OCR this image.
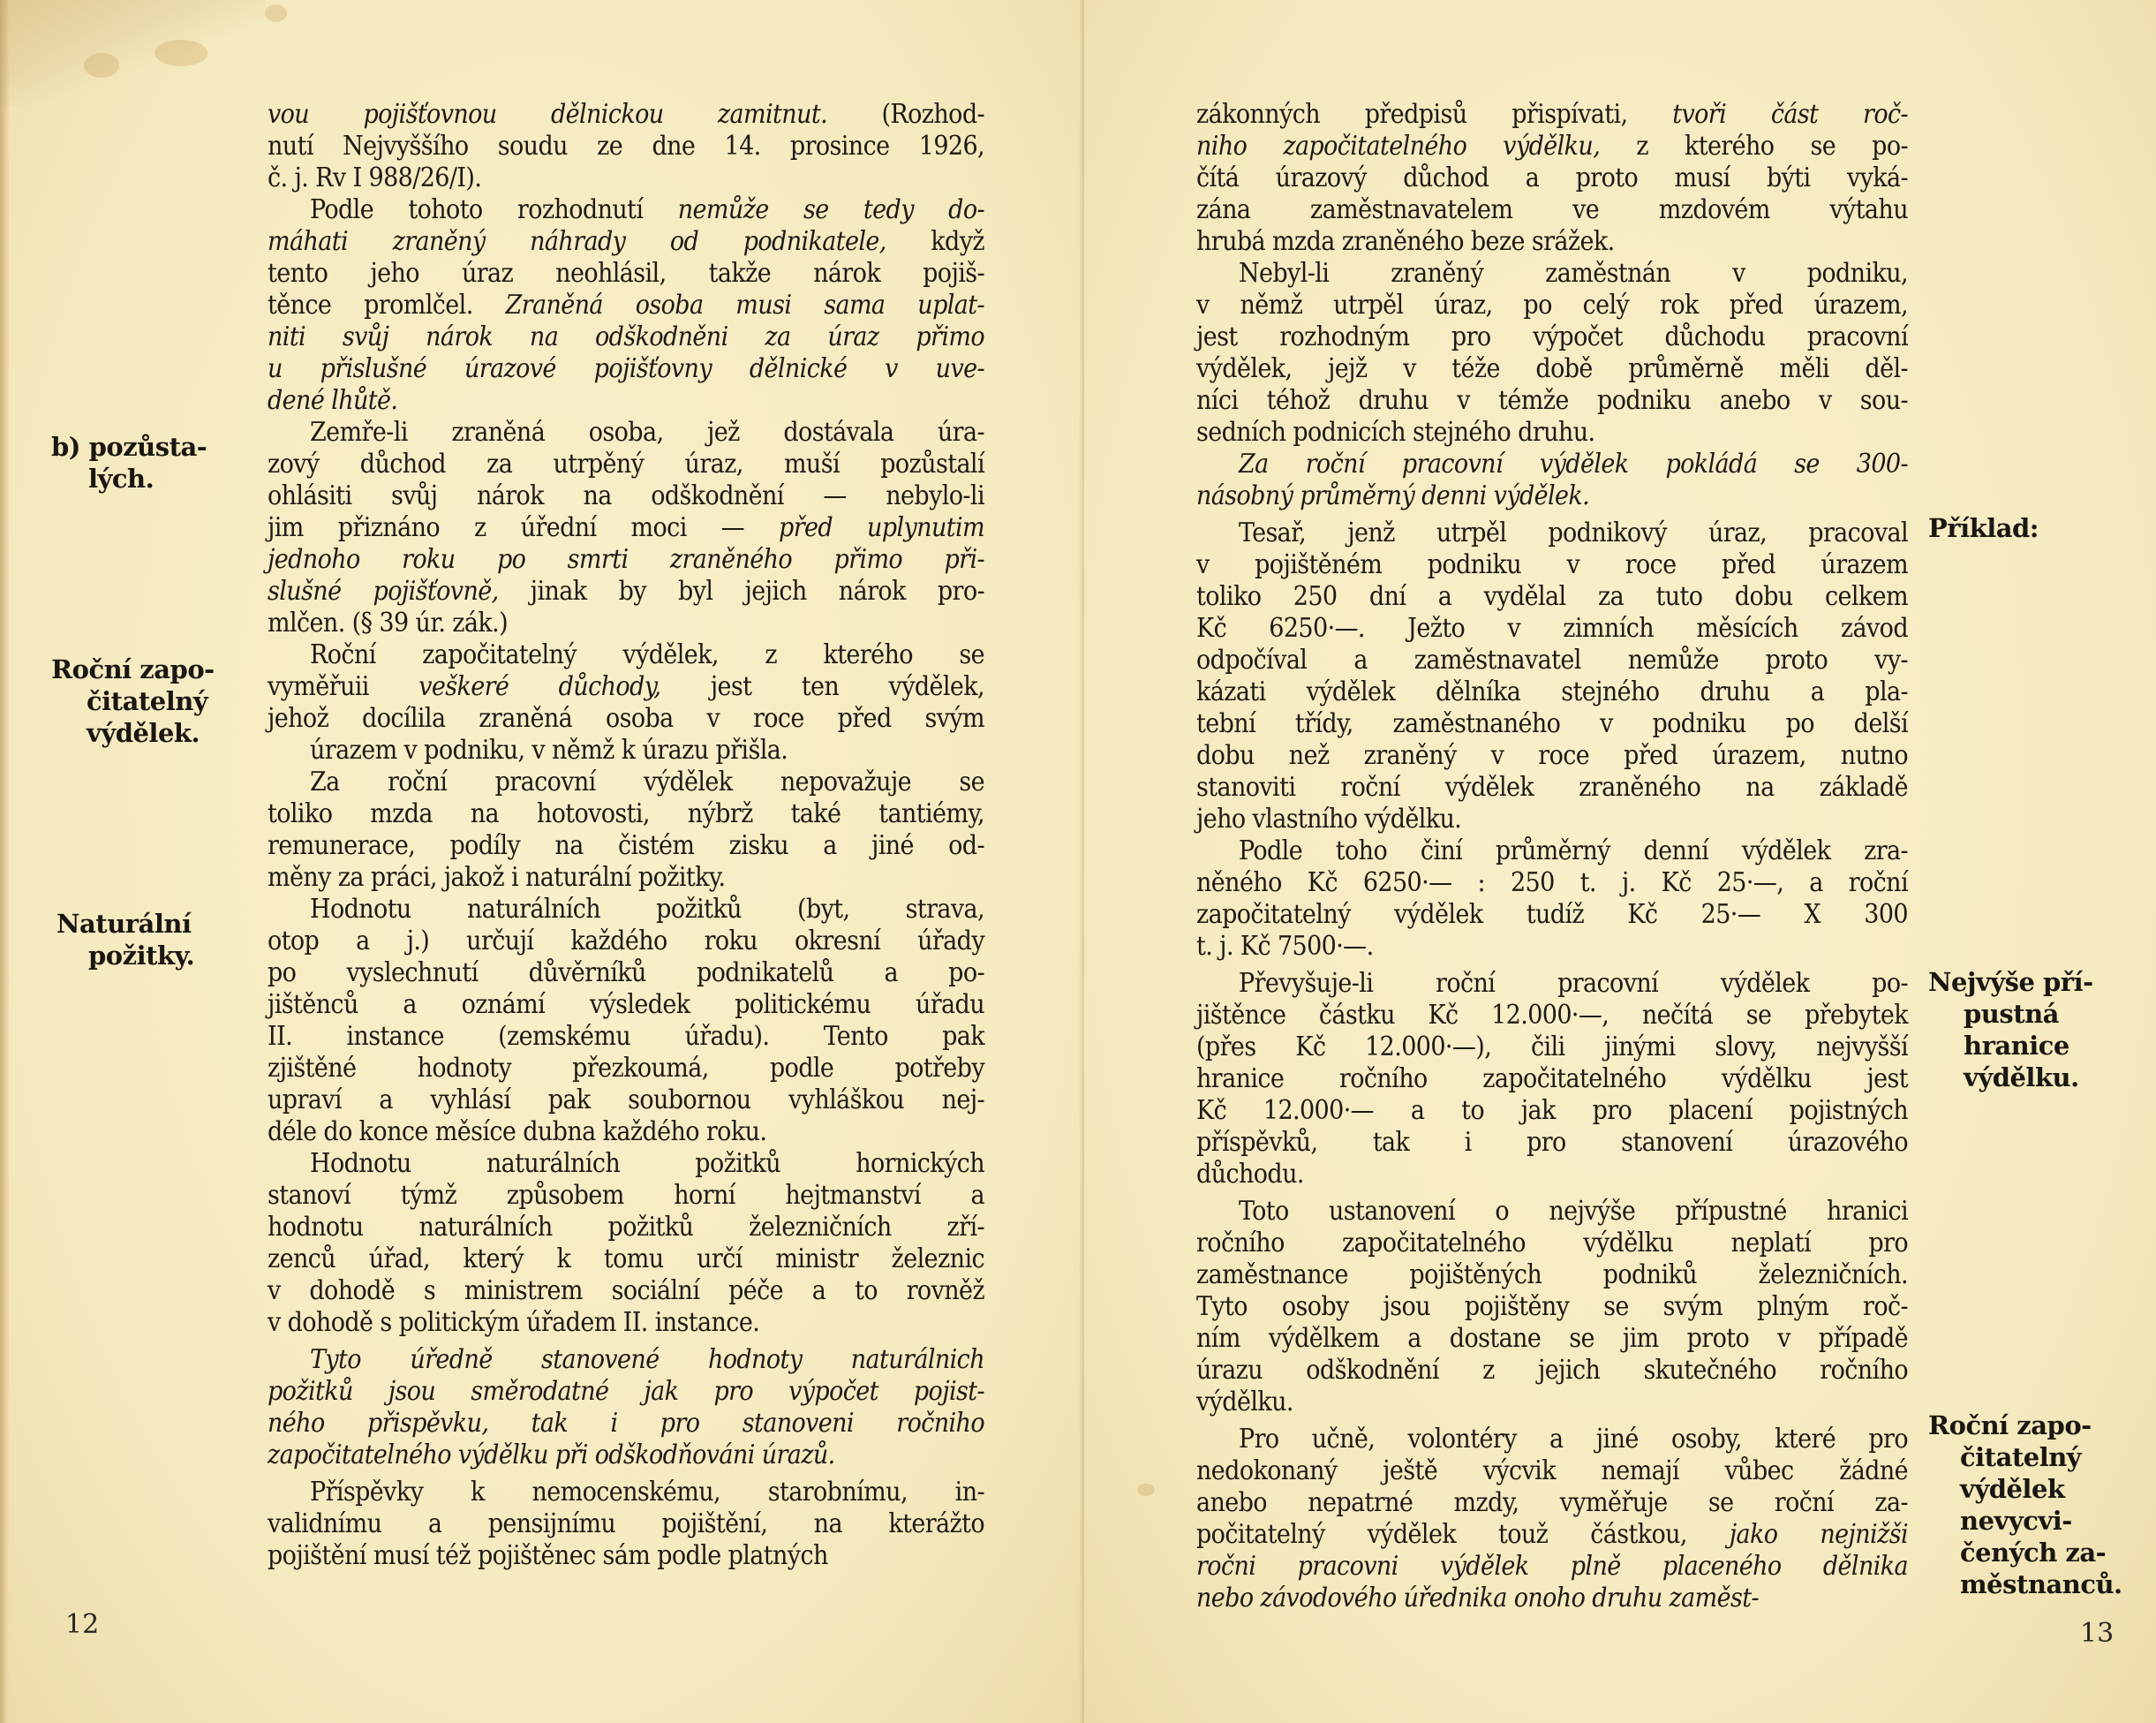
vou pojišťovnou dělnickou zamitnut. (Rozhod-
nutí Nejvyššího soudu ze dne 14. prosince 1926,
č. j. Rv I 988/26/I).
Podle tohoto rozhodnutí nemůže se tedy do-
máhati zraněný náhrady od podnikatele, když
tento jeho úraz neohlásil, takže nárok pojiš-
těnce promlčel. Zraněná osoba musi sama uplat-
niti svůj nárok na odškodněni za úraz přimo
u přislušné úrazové pojišťovny dělnické v uve-
dené lhůtě.
Zemře-li zraněná osoba, jež dostávala úra-
zový důchod za utrpěný úraz, muší pozůstalí
ohlásiti svůj nárok na odškodnění — nebylo-li
jim přiznáno z úřední moci — před uplynutim
jednoho roku po smrti zraněného přimo při-
slušné pojišťovně, jinak by byl jejich nárok pro-
mlčen. (§ 39 úr. zák.)
Roční započitatelný výdělek, z kterého se
vyměřuii veškeré důchody, jest ten výdělek,
jehož docílila zraněná osoba v roce před svým
úrazem v podniku, v němž k úrazu přišla.
Za roční pracovní výdělek nepovažuje se
toliko mzda na hotovosti, nýbrž také tantiémy,
remunerace, podíly na čistém zisku a jiné od-
měny za práci, jakož i naturální požitky.
Hodnotu naturálních požitků (byt, strava,
otop a j.) určují každého roku okresní úřady
po vyslechnutí důvěrníků podnikatelů a po-
jištěnců a oznámí výsledek politickému úřadu
II. instance (zemskému úřadu). Tento pak
zjištěné hodnoty přezkoumá, podle potřeby
upraví a vyhlásí pak soubornou vyhláškou nej-
déle do konce měsíce dubna každého roku.
Hodnotu naturálních požitků hornických
stanoví týmž způsobem horní hejtmanství a
hodnotu naturálních požitků železničních zří-
zenců úřad, který k tomu určí ministr železnic
v dohodě s ministrem sociální péče a to rovněž
v dohodě s politickým úřadem II. instance.
Tyto úředně stanovené hodnoty naturálnich
požitků jsou směrodatné jak pro výpočet pojist-
ného přispěvku, tak i pro stanoveni ročniho
započitatelného výdělku při odškodňováni úrazů.
Příspěvky k nemocenskému, starobnímu, in-
validnímu a pensijnímu pojištění, na kterážto
pojištění musí též pojištěnec sám podle platných
b) pozůsta-
lých.
Roční zapo-
čitatelný
výdělek.
Naturální
požitky.
12
zákonných předpisů přispívati, tvoři část roč-
niho započitatelného výdělku, z kterého se po-
čítá úrazový důchod a proto musí býti vyká-
zána zaměstnavatelem ve mzdovém výtahu
hrubá mzda zraněného beze srážek.
Nebyl-li zraněný zaměstnán v podniku,
v němž utrpěl úraz, po celý rok před úrazem,
jest rozhodným pro výpočet důchodu pracovní
výdělek, jejž v téže době průměrně měli děl-
níci téhož druhu v témže podniku anebo v sou-
sedních podnicích stejného druhu.
Za roční pracovní výdělek pokládá se 300-
násobný průměrný denni výdělek.
Tesař, jenž utrpěl podnikový úraz, pracoval
v pojištěném podniku v roce před úrazem
toliko 250 dní a vydělal za tuto dobu celkem
Kč 6250·—. Ježto v zimních měsících závod
odpočíval a zaměstnavatel nemůže proto vy-
kázati výdělek dělníka stejného druhu a pla-
tební třídy, zaměstnaného v podniku po delší
dobu než zraněný v roce před úrazem, nutno
stanoviti roční výdělek zraněného na základě
jeho vlastního výdělku.
Podle toho činí průměrný denní výdělek zra-
něného Kč 6250·— : 250 t. j. Kč 25·—, a roční
započitatelný výdělek tudíž Kč 25·— X 300
t. j. Kč 7500·—.
Převyšuje-li roční pracovní výdělek po-
jištěnce částku Kč 12.000·—, nečítá se přebytek
(přes Kč 12.000·—), čili jinými slovy, nejvyšší
hranice ročního započitatelného výdělku jest
Kč 12.000·— a to jak pro placení pojistných
příspěvků, tak i pro stanovení úrazového
důchodu.
Toto ustanovení o nejvýše přípustné hranici
ročního započitatelného výdělku neplatí pro
zaměstnance pojištěných podniků železničních.
Tyto osoby jsou pojištěny se svým plným roč-
ním výdělkem a dostane se jim proto v případě
úrazu odškodnění z jejich skutečného ročního
výdělku.
Pro učně, volontéry a jiné osoby, které pro
nedokonaný ještě výcvik nemají vůbec žádné
anebo nepatrné mzdy, vyměřuje se roční za-
počitatelný výdělek touž částkou, jako nejnižši
ročni pracovni výdělek plně placeného dělnika
nebo závodového úřednika onoho druhu zaměst-
Příklad:
Nejvýše pří-
pustná
hranice
výdělku.
Roční zapo-
čitatelný
výdělek
nevycvi-
čených za-
městnanců.
13
